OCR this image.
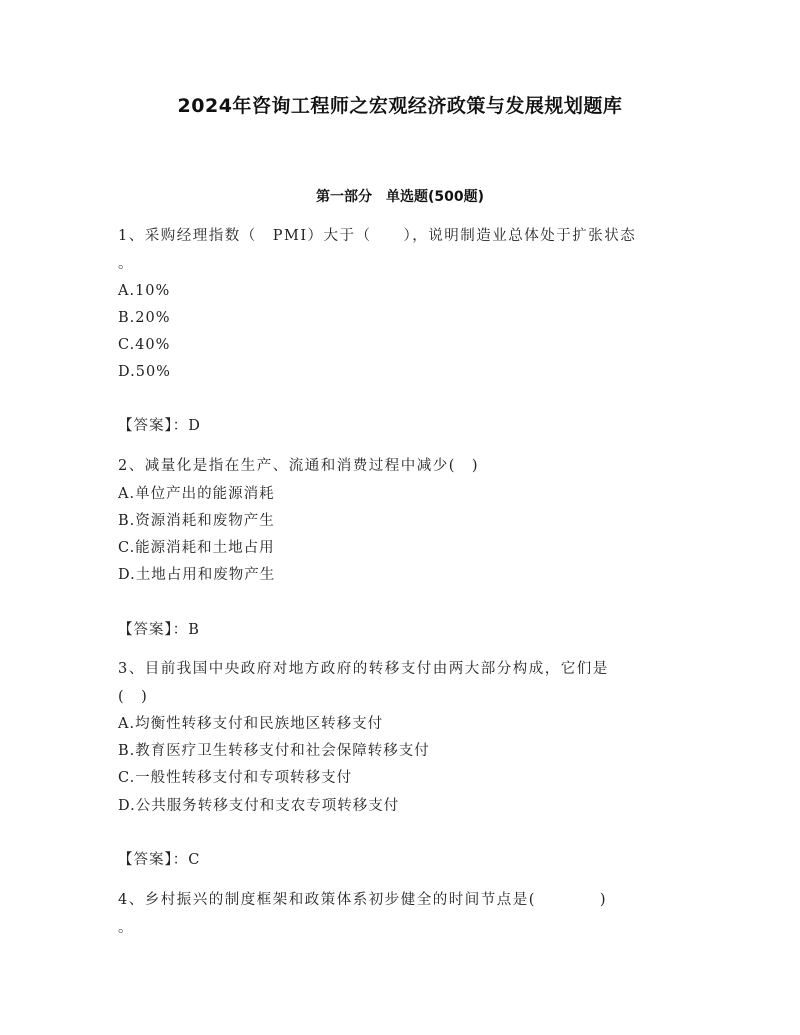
2024年咨询工程师之宏观经济政策与发展规划题库
第一部分　单选题(500题)
1、采购经理指数（　PMI）大于（　　），说明制造业总体处于扩张状态
。
A.10%
B.20%
C.40%
D.50%
【答案】：D
2、减量化是指在生产、流通和消费过程中减少(　)
A.单位产出的能源消耗
B.资源消耗和废物产生
C.能源消耗和土地占用
D.土地占用和废物产生
【答案】：B
3、目前我国中央政府对地方政府的转移支付由两大部分构成，它们是
(　)
A.均衡性转移支付和民族地区转移支付
B.教育医疗卫生转移支付和社会保障转移支付
C.一般性转移支付和专项转移支付
D.公共服务转移支付和支农专项转移支付
【答案】：C
4、乡村振兴的制度框架和政策体系初步健全的时间节点是(　　　　)
。
